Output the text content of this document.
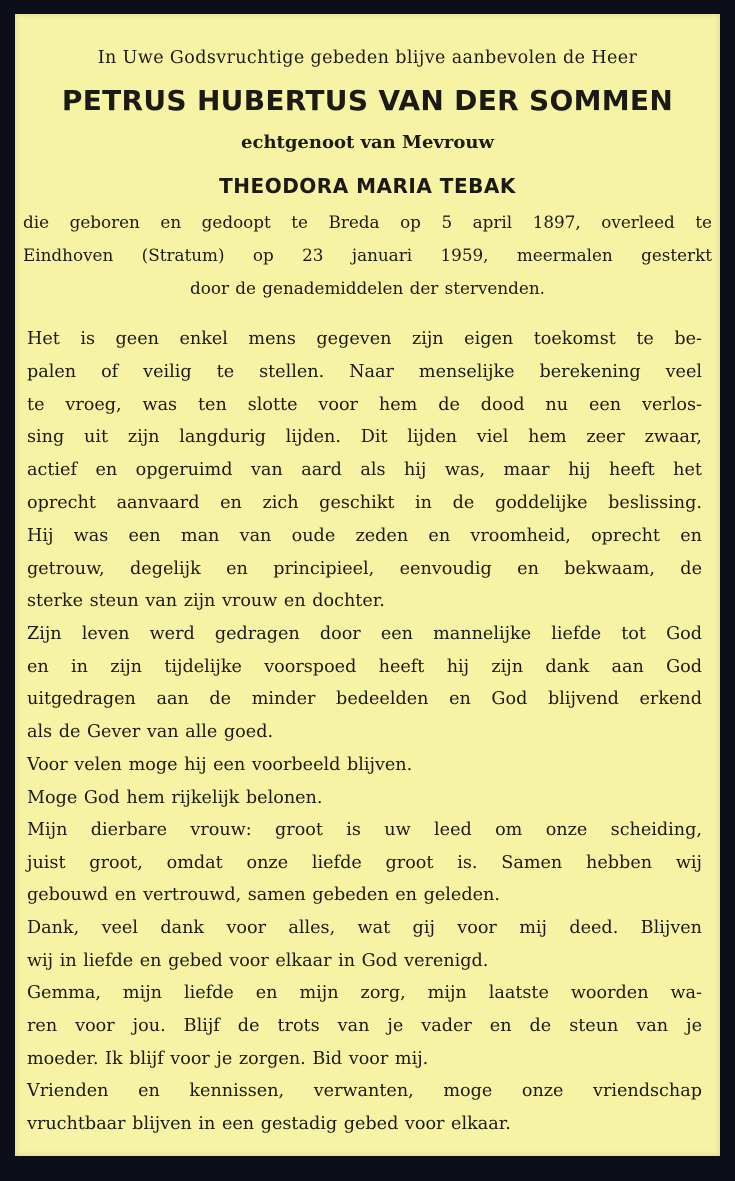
In Uwe Godsvruchtige gebeden blijve aanbevolen de Heer
PETRUS HUBERTUS VAN DER SOMMEN
echtgenoot van Mevrouw
THEODORA MARIA TEBAK
die geboren en gedoopt te Breda op 5 april 1897, overleed te
Eindhoven (Stratum) op 23 januari 1959, meermalen gesterkt
door de genademiddelen der stervenden.
Het is geen enkel mens gegeven zijn eigen toekomst te be-
palen of veilig te stellen. Naar menselijke berekening veel
te vroeg, was ten slotte voor hem de dood nu een verlos-
sing uit zijn langdurig lijden. Dit lijden viel hem zeer zwaar,
actief en opgeruimd van aard als hij was, maar hij heeft het
oprecht aanvaard en zich geschikt in de goddelijke beslissing.
Hij was een man van oude zeden en vroomheid, oprecht en
getrouw, degelijk en principieel, eenvoudig en bekwaam, de
sterke steun van zijn vrouw en dochter.
Zijn leven werd gedragen door een mannelijke liefde tot God
en in zijn tijdelijke voorspoed heeft hij zijn dank aan God
uitgedragen aan de minder bedeelden en God blijvend erkend
als de Gever van alle goed.
Voor velen moge hij een voorbeeld blijven.
Moge God hem rijkelijk belonen.
Mijn dierbare vrouw: groot is uw leed om onze scheiding,
juist groot, omdat onze liefde groot is. Samen hebben wij
gebouwd en vertrouwd, samen gebeden en geleden.
Dank, veel dank voor alles, wat gij voor mij deed. Blijven
wij in liefde en gebed voor elkaar in God verenigd.
Gemma, mijn liefde en mijn zorg, mijn laatste woorden wa-
ren voor jou. Blijf de trots van je vader en de steun van je
moeder. Ik blijf voor je zorgen. Bid voor mij.
Vrienden en kennissen, verwanten, moge onze vriendschap
vruchtbaar blijven in een gestadig gebed voor elkaar.
